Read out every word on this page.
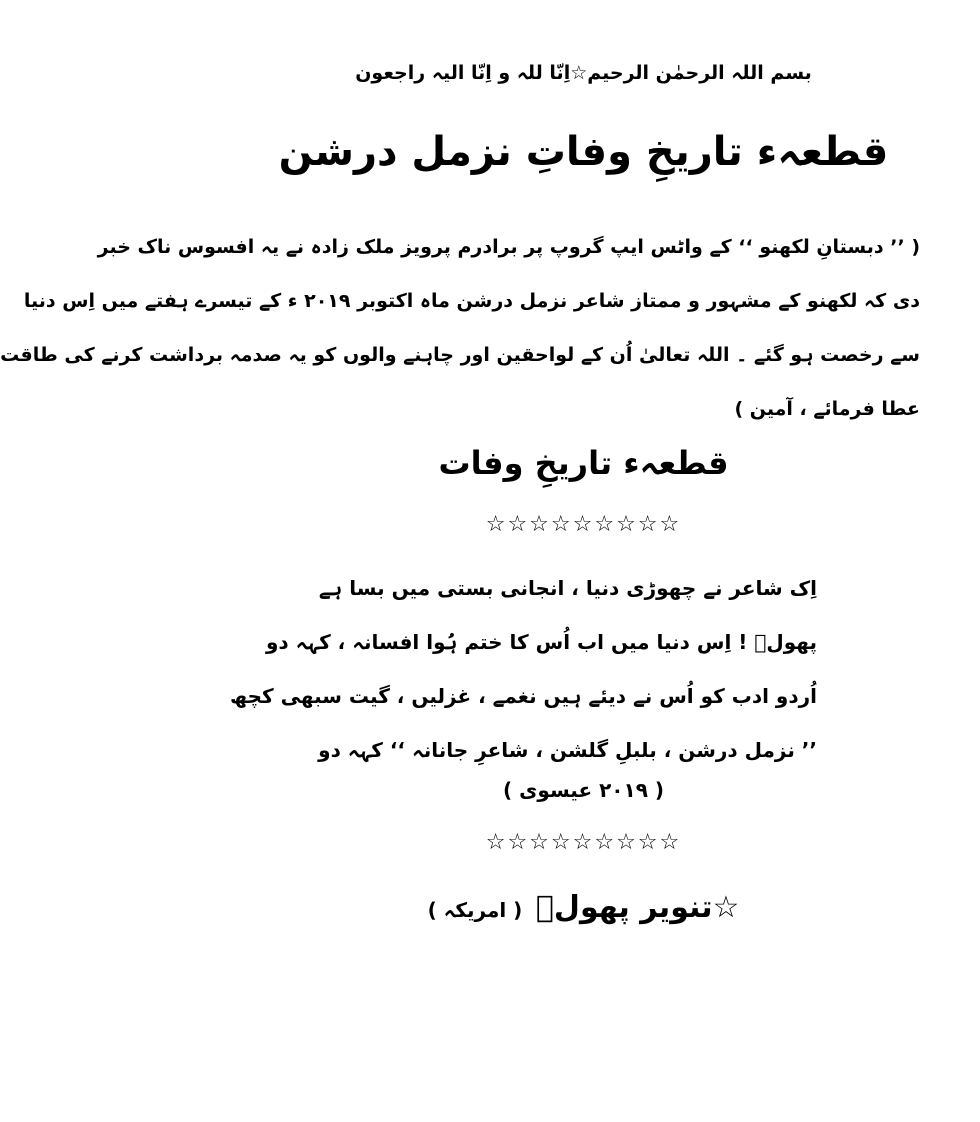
بسم اللہ الرحمٰن الرحیم☆اِنّا للہ و اِنّا الیہ راجعون
قطعہء تاریخِ وفاتِ نزمل درشن
( ’’ دبستانِ لکھنو ‘‘ کے واٹس ایپ گروپ پر برادرم پرویز ملک زادہ نے یہ افسوس ناک خبر
دی کہ لکھنو کے مشہور و ممتاز شاعر نزمل درشن ماہ اکتوبر ۲۰۱۹ ء کے تیسرے ہفتے میں اِس دنیا
سے رخصت ہو گئے ۔ اللہ تعالیٰ اُن کے لواحقین اور چاہنے والوں کو یہ صدمہ برداشت کرنے کی طاقت
عطا فرمائے ، آمین )
قطعہء تاریخِ وفات
☆☆☆☆☆☆☆☆☆
اِک شاعر نے چھوڑی دنیا ، انجانی بستی میں بسا ہے
پھولؔ ! اِس دنیا میں اب اُس کا ختم ہُوا افسانہ ، کہہ دو
اُردو ادب کو اُس نے دیئے ہیں نغمے ، غزلیں ، گیت سبھی کچھ
’’ نزمل درشن ، بلبلِ گلشن ، شاعرِ جانانہ ‘‘ کہہ دو
( ۲۰۱۹ عیسوی )
☆☆☆☆☆☆☆☆☆
☆تنویر پھولؔ ( امریکہ )
